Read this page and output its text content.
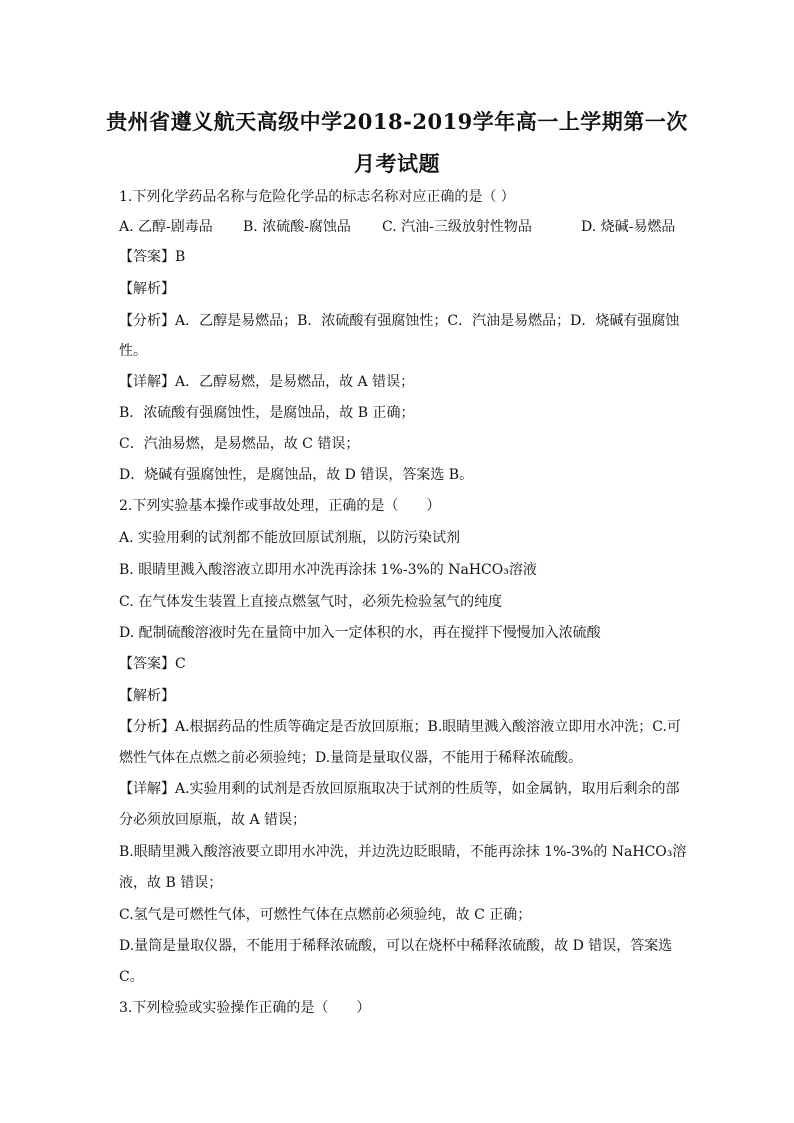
贵州省遵义航天高级中学2018-2019学年高一上学期第一次
月考试题
1.下列化学药品名称与危险化学品的标志名称对应正确的是（ ）
A. 乙醇-剧毒品 B. 浓硫酸-腐蚀品 C. 汽油-三级放射性物品	D. 烧碱-易燃品
【答案】B
【解析】
【分析】A．乙醇是易燃品；B．浓硫酸有强腐蚀性；C．汽油是易燃品；D．烧碱有强腐蚀
性。
【详解】A．乙醇易燃，是易燃品，故 A 错误；
B．浓硫酸有强腐蚀性，是腐蚀品，故 B 正确；
C．汽油易燃，是易燃品，故 C 错误；
D．烧碱有强腐蚀性，是腐蚀品，故 D 错误，答案选 B。
2.下列实验基本操作或事故处理，正确的是（　　）
A. 实验用剩的试剂都不能放回原试剂瓶，以防污染试剂
B. 眼睛里溅入酸溶液立即用水冲洗再涂抹 1%-3%的 NaHCO₃溶液
C. 在气体发生装置上直接点燃氢气时，必须先检验氢气的纯度
D. 配制硫酸溶液时先在量筒中加入一定体积的水，再在搅拌下慢慢加入浓硫酸
【答案】C
【解析】
【分析】A.根据药品的性质等确定是否放回原瓶；B.眼睛里溅入酸溶液立即用水冲洗；C.可
燃性气体在点燃之前必须验纯；D.量筒是量取仪器，不能用于稀释浓硫酸。
【详解】A.实验用剩的试剂是否放回原瓶取决于试剂的性质等，如金属钠，取用后剩余的部
分必须放回原瓶，故 A 错误；
B.眼睛里溅入酸溶液要立即用水冲洗，并边洗边眨眼睛，不能再涂抹 1%-3%的 NaHCO₃溶
液，故 B 错误；
C.氢气是可燃性气体，可燃性气体在点燃前必须验纯，故 C 正确；
D.量筒是量取仪器，不能用于稀释浓硫酸，可以在烧杯中稀释浓硫酸，故 D 错误，答案选
C。
3.下列检验或实验操作正确的是（　　）
